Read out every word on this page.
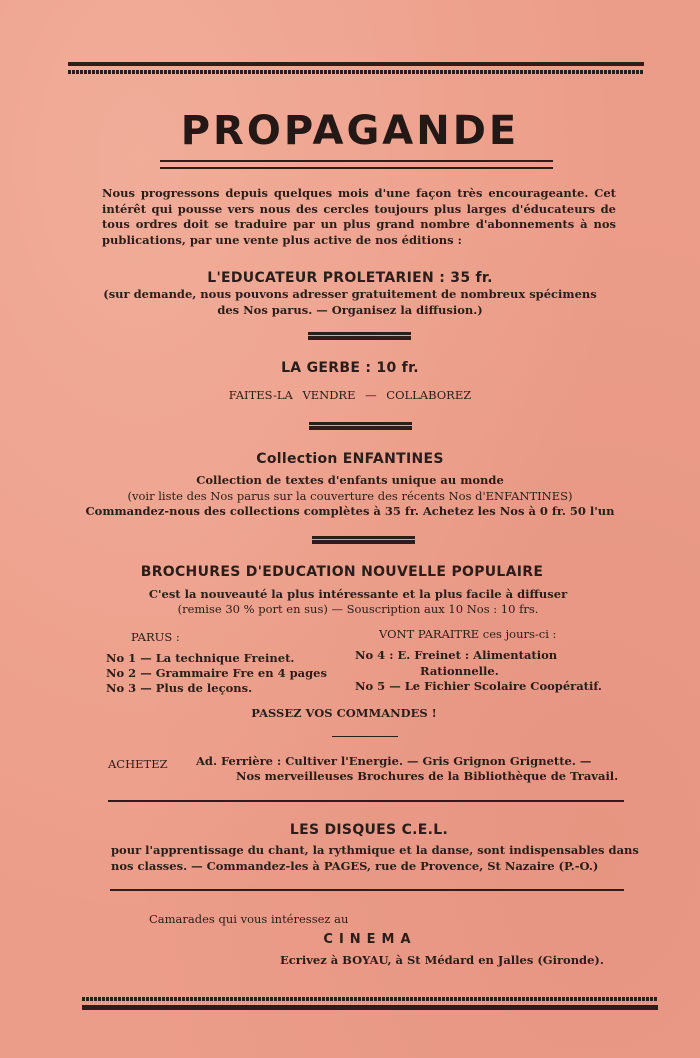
PROPAGANDE
Nous progressons depuis quelques mois d'une façon très encourageante. Cet intérêt qui pousse vers nous des cercles toujours plus larges d'éducateurs de tous ordres doit se traduire par un plus grand nombre d'abonnements à nos publications, par une vente plus active de nos éditions :
L'EDUCATEUR PROLETARIEN : 35 fr.
(sur demande, nous pouvons adresser gratuitement de nombreux spécimens
des Nos parus. — Organisez la diffusion.)
LA GERBE : 10 fr.
FAITES-LA VENDRE — COLLABOREZ
Collection ENFANTINES
Collection de textes d'enfants unique au monde
(voir liste des Nos parus sur la couverture des récents Nos d'ENFANTINES)
Commandez-nous des collections complètes à 35 fr. Achetez les Nos à 0 fr. 50 l'un
BROCHURES D'EDUCATION NOUVELLE POPULAIRE
C'est la nouveauté la plus intéressante et la plus facile à diffuser
(remise 30 % port en sus) — Souscription aux 10 Nos : 10 frs.
PARUS :
No 1 — La technique Freinet.
No 2 — Grammaire Fre en 4 pages
No 3 — Plus de leçons.
VONT PARAITRE ces jours-ci :
No 4 : E. Freinet : Alimentation
Rationnelle.
No 5 — Le Fichier Scolaire Coopératif.
PASSEZ VOS COMMANDES !
ACHETEZ Ad. Ferrière : Cultiver l'Energie. — Gris Grignon Grignette. —
Nos merveilleuses Brochures de la Bibliothèque de Travail.
LES DISQUES C.E.L.
pour l'apprentissage du chant, la rythmique et la danse, sont indispensables dans
nos classes. — Commandez-les à PAGES, rue de Provence, St Nazaire (P.-O.)
Camarades qui vous intéressez au
CINEMA
Ecrivez à BOYAU, à St Médard en Jalles (Gironde).
